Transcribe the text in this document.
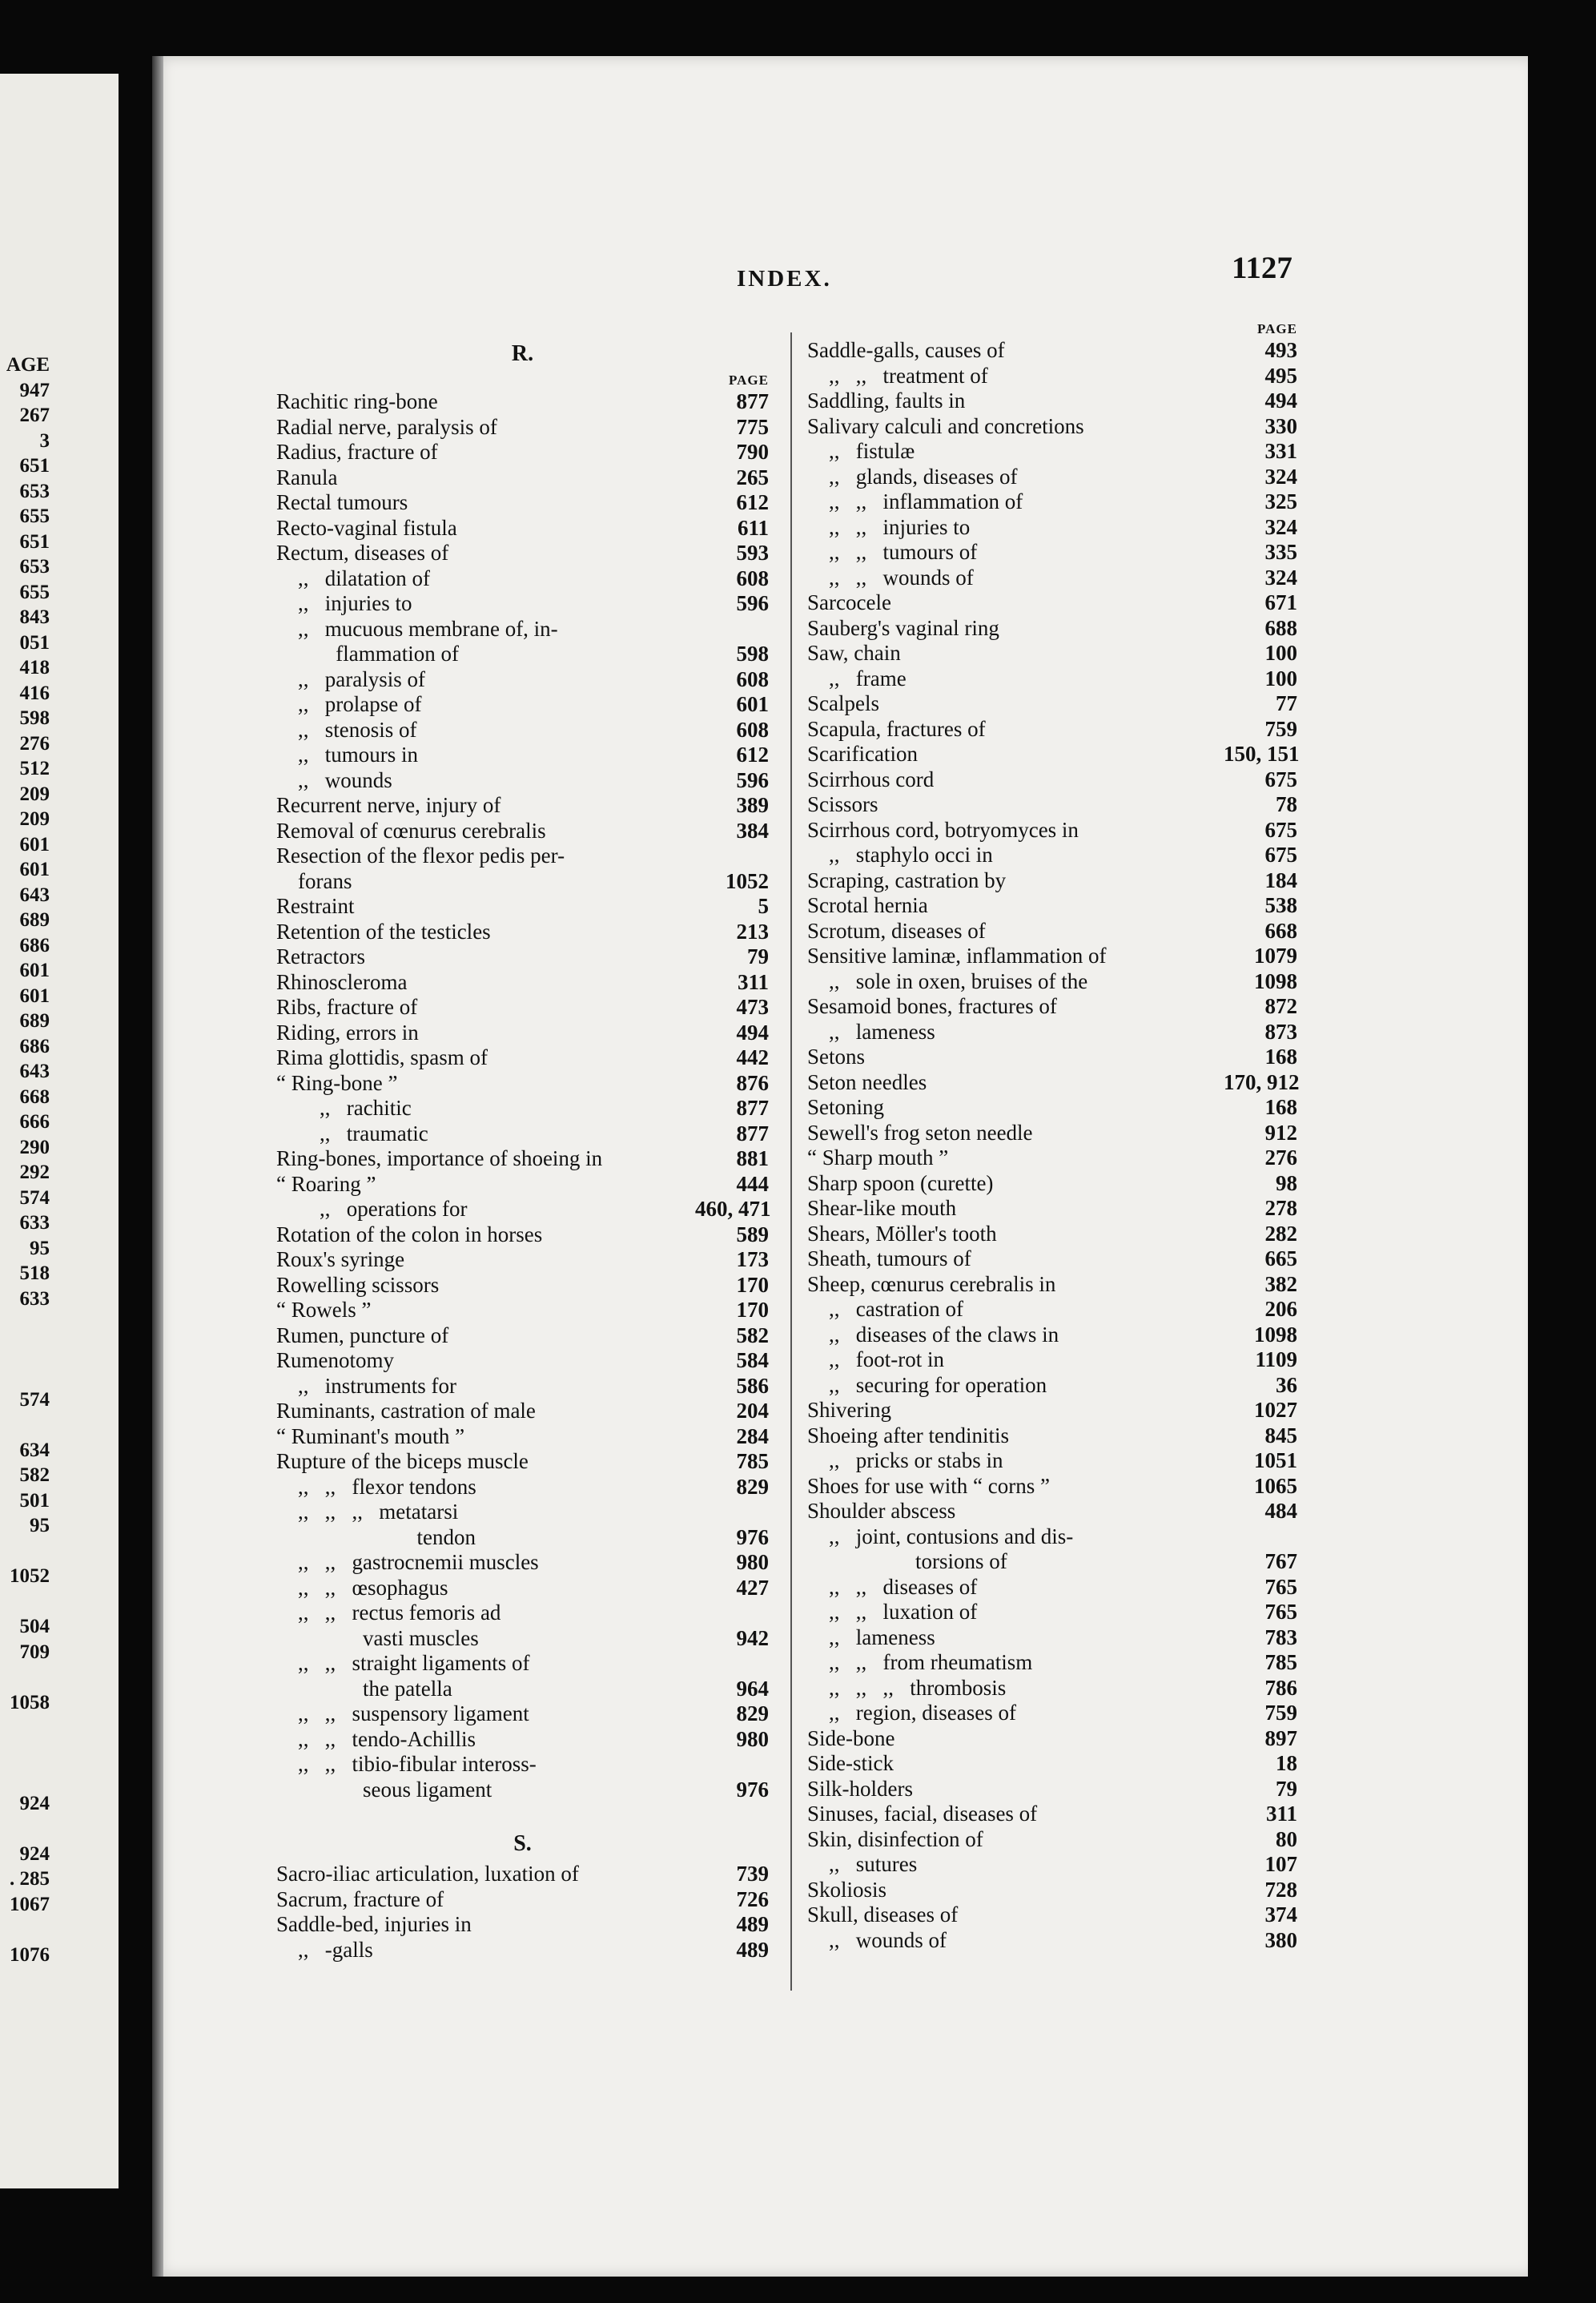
AGE
947
267
3
651
653
655
651
653
655
843
051
418
416
598
276
512
209
209
601
601
643
689
686
601
601
689
686
643
668
666
290
292
574
633
95
518
633
574
634
582
501
95
1052
504
709
1058
924
924
. 285
1067
1076
INDEX.	1127
R.
PAGE
Rachitic ring-bone	877
Radial nerve, paralysis of	775
Radius, fracture of	790
Ranula	265
Rectal tumours	612
Recto-vaginal fistula	611
Rectum, diseases of	593
,,   dilatation of	608
,,   injuries to	596
,,   mucuous membrane of, in-
flammation of	598
,,   paralysis of	608
,,   prolapse of	601
,,   stenosis of	608
,,   tumours in	612
,,   wounds	596
Recurrent nerve, injury of	389
Removal of cœnurus cerebralis	384
Resection of the flexor pedis per-
forans	1052
Restraint	5
Retention of the testicles	213
Retractors	79
Rhinoscleroma	311
Ribs, fracture of	473
Riding, errors in	494
Rima glottidis, spasm of	442
“ Ring-bone ”	876
,,   rachitic	877
,,   traumatic	877
Ring-bones, importance of shoeing in	881
“ Roaring ”	444
,,   operations for	460, 471
Rotation of the colon in horses	589
Roux's syringe	173
Rowelling scissors	170
“ Rowels ”	170
Rumen, puncture of	582
Rumenotomy	584
,,   instruments for	586
Ruminants, castration of male	204
“ Ruminant's mouth ”	284
Rupture of the biceps muscle	785
,,   ,,   flexor tendons	829
,,   ,,   ,,   metatarsi
tendon	976
,,   ,,   gastrocnemii muscles	980
,,   ,,   œsophagus	427
,,   ,,   rectus femoris ad
vasti muscles	942
,,   ,,   straight ligaments of
the patella	964
,,   ,,   suspensory ligament	829
,,   ,,   tendo-Achillis	980
,,   ,,   tibio-fibular inteross-
seous ligament	976
S.
Sacro-iliac articulation, luxation of	739
Sacrum, fracture of	726
Saddle-bed, injuries in	489
,,   -galls	489
PAGE
Saddle-galls, causes of	493
,,   ,,   treatment of	495
Saddling, faults in	494
Salivary calculi and concretions	330
,,   fistulæ	331
,,   glands, diseases of	324
,,   ,,   inflammation of	325
,,   ,,   injuries to	324
,,   ,,   tumours of	335
,,   ,,   wounds of	324
Sarcocele	671
Sauberg's vaginal ring	688
Saw, chain	100
,,   frame	100
Scalpels	77
Scapula, fractures of	759
Scarification	150, 151
Scirrhous cord	675
Scissors	78
Scirrhous cord, botryomyces in	675
,,   staphylo occi in	675
Scraping, castration by	184
Scrotal hernia	538
Scrotum, diseases of	668
Sensitive laminæ, inflammation of	1079
,,   sole in oxen, bruises of the	1098
Sesamoid bones, fractures of	872
,,   lameness	873
Setons	168
Seton needles	170, 912
Setoning	168
Sewell's frog seton needle	912
“ Sharp mouth ”	276
Sharp spoon (curette)	98
Shear-like mouth	278
Shears, Möller's tooth	282
Sheath, tumours of	665
Sheep, cœnurus cerebralis in	382
,,   castration of	206
,,   diseases of the claws in	1098
,,   foot-rot in	1109
,,   securing for operation	36
Shivering	1027
Shoeing after tendinitis	845
,,   pricks or stabs in	1051
Shoes for use with “ corns ”	1065
Shoulder abscess	484
,,   joint, contusions and dis-
torsions of	767
,,   ,,   diseases of	765
,,   ,,   luxation of	765
,,   lameness	783
,,   ,,   from rheumatism	785
,,   ,,   ,,   thrombosis	786
,,   region, diseases of	759
Side-bone	897
Side-stick	18
Silk-holders	79
Sinuses, facial, diseases of	311
Skin, disinfection of	80
,,   sutures	107
Skoliosis	728
Skull, diseases of	374
,,   wounds of	380
